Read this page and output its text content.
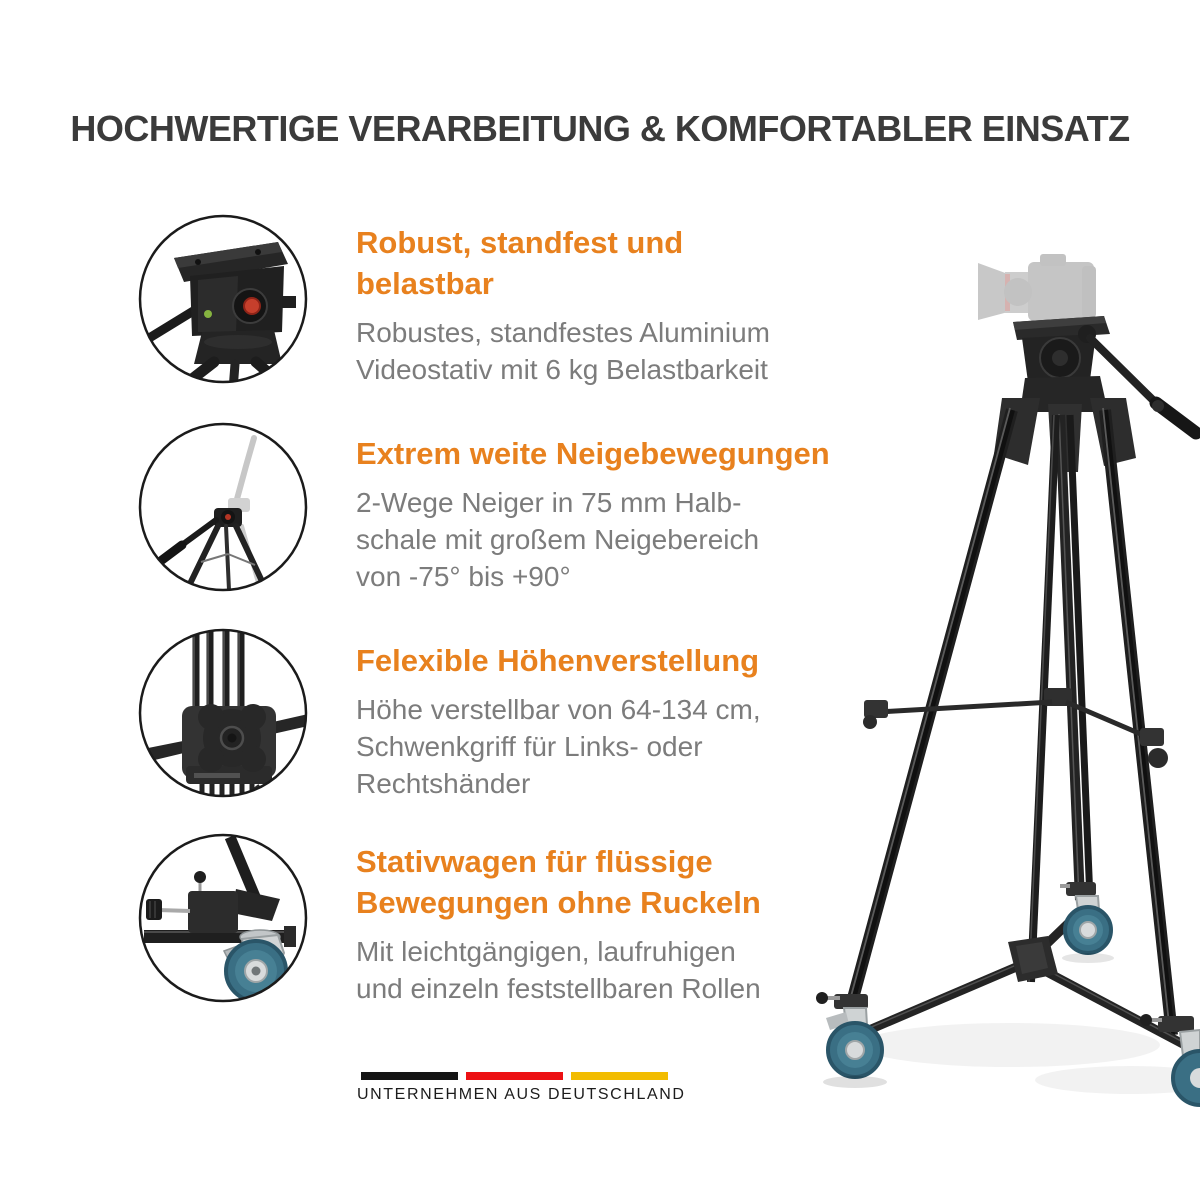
HOCHWERTIGE VERARBEITUNG & KOMFORTABLER EINSATZ
Robust, standfest und
belastbar

Robustes, standfestes Aluminium
Videostativ mit 6 kg Belastbarkeit

Extrem weite Neigebewegungen

2-Wege Neiger in 75 mm Halb-
schale mit großem Neigebereich
von -75° bis +90°

Felexible Höhenverstellung

Höhe verstellbar von 64-134 cm,
Schwenkgriff für Links- oder
Rechtshänder

Stativwagen für flüssige
Bewegungen ohne Ruckeln

Mit leichtgängigen, laufruhigen
und einzeln feststellbaren Rollen

UNTERNEHMEN AUS DEUTSCHLAND
